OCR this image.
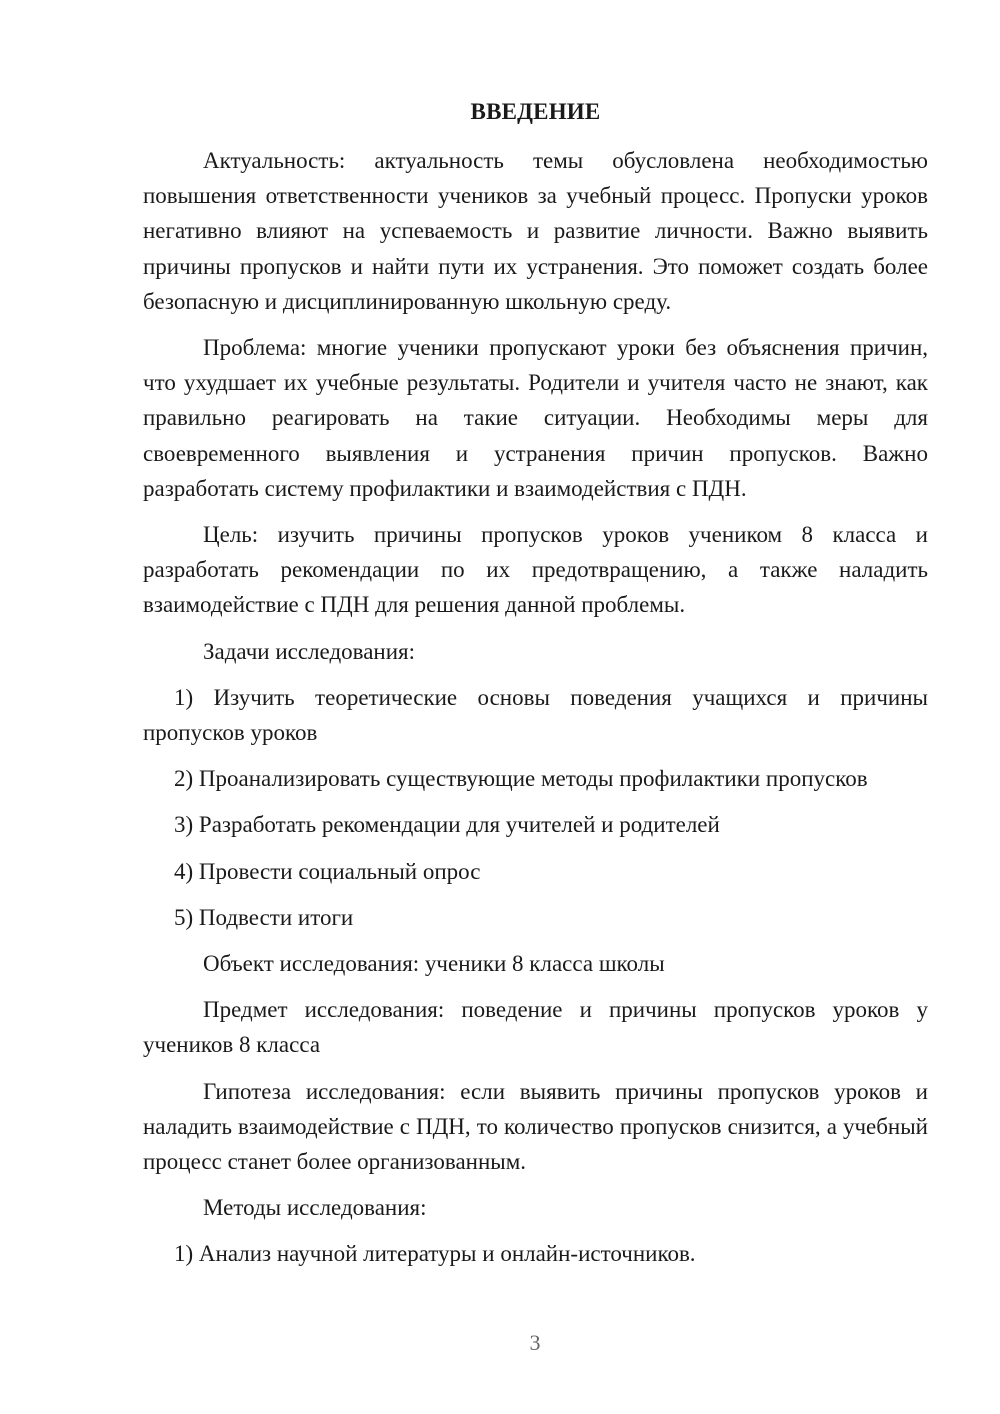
ВВЕДЕНИЕ

Актуальность: актуальность темы обусловлена необходимостью повышения ответственности учеников за учебный процесс. Пропуски уроков негативно влияют на успеваемость и развитие личности. Важно выявить причины пропусков и найти пути их устранения. Это поможет создать более безопасную и дисциплинированную школьную среду.

Проблема: многие ученики пропускают уроки без объяснения причин, что ухудшает их учебные результаты. Родители и учителя часто не знают, как правильно реагировать на такие ситуации. Необходимы меры для своевременного выявления и устранения причин пропусков. Важно разработать систему профилактики и взаимодействия с ПДН.

Цель: изучить причины пропусков уроков учеником 8 класса и разработать рекомендации по их предотвращению, а также наладить взаимодействие с ПДН для решения данной проблемы.

Задачи исследования:

1) Изучить теоретические основы поведения учащихся и причины пропусков уроков

2) Проанализировать существующие методы профилактики пропусков

3) Разработать рекомендации для учителей и родителей

4) Провести социальный опрос

5) Подвести итоги

Объект исследования: ученики 8 класса школы

Предмет исследования: поведение и причины пропусков уроков у учеников 8 класса

Гипотеза исследования: если выявить причины пропусков уроков и наладить взаимодействие с ПДН, то количество пропусков снизится, а учебный процесс станет более организованным.

Методы исследования:

1) Анализ научной литературы и онлайн-источников.

3
